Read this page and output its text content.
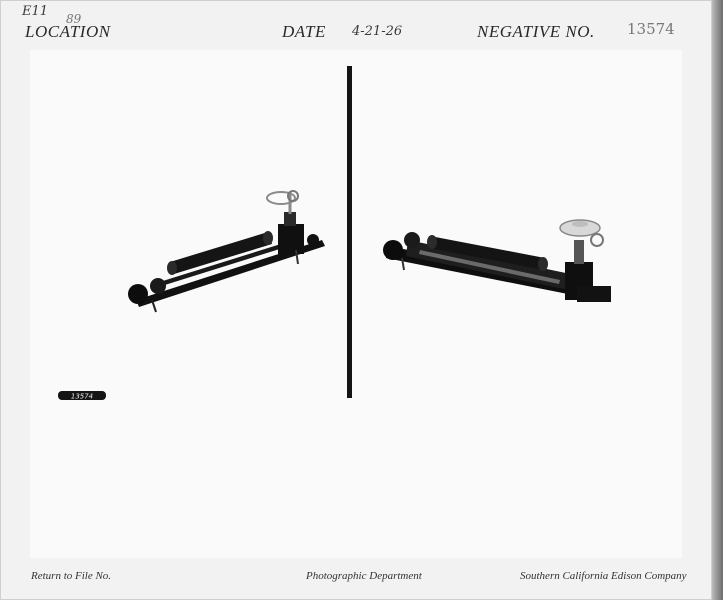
E11 89
LOCATION	DATE 4-21-26	NEGATIVE NO. 13574
13574
Return to File No.	Photographic Department	Southern California Edison Company
